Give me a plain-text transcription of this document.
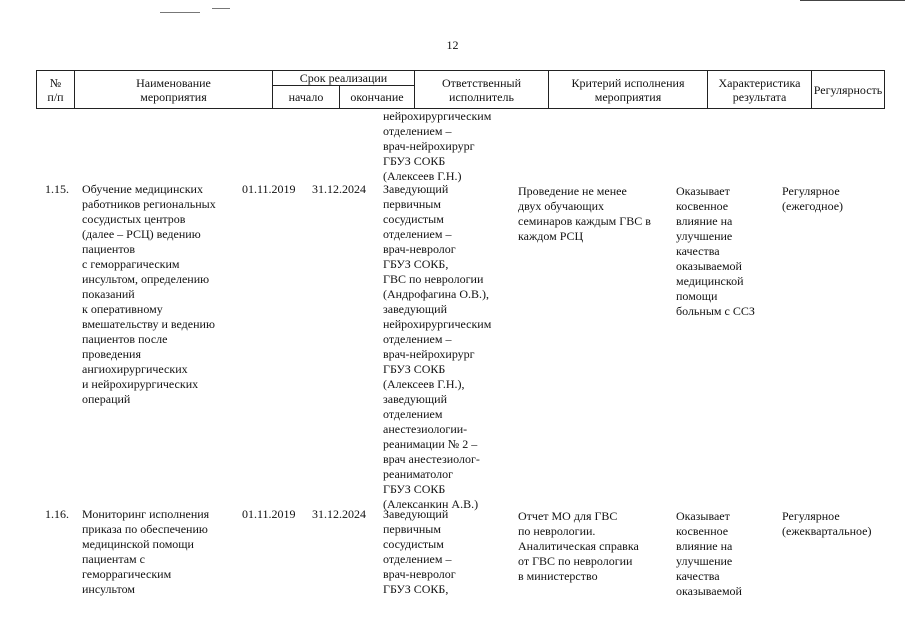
12
№
п/п
Наименование
мероприятия
Срок реализации
начало	окончание
Ответственный
исполнитель
Критерий исполнения
мероприятия
Характеристика
результата	Регулярность
нейрохирургическим
отделением –
врач-нейрохирург
ГБУЗ СОКБ
(Алексеев Г.Н.)
1.15. Обучение медицинских
работников региональных
сосудистых центров
(далее – РСЦ) ведению
пациентов
с геморрагическим
инсультом, определению
показаний
к оперативному
вмешательству и ведению
пациентов после
проведения
ангиохирургических
и нейрохирургических
операций
01.11.2019 31.12.2024 Заведующий
первичным
сосудистым
отделением –
врач-невролог
ГБУЗ СОКБ,
ГВС по неврологии
(Андрофагина О.В.),
заведующий
нейрохирургическим
отделением –
врач-нейрохирург
ГБУЗ СОКБ
(Алексеев Г.Н.),
заведующий
отделением
анестезиологии-
реанимации № 2 –
врач анестезиолог-
реаниматолог
ГБУЗ СОКБ
(Алексанкин А.В.)
Проведение не менее
двух обучающих
семинаров каждым ГВС в
каждом РСЦ
Оказывает
косвенное
влияние на
улучшение
качества
оказываемой
медицинской
помощи
больным с ССЗ
Регулярное
(ежегодное)
1.16. Мониторинг исполнения
приказа по обеспечению
медицинской помощи
пациентам с
геморрагическим
инсультом
01.11.2019 31.12.2024 Заведующий
первичным
сосудистым
отделением –
врач-невролог
ГБУЗ СОКБ,
Отчет МО для ГВС
по неврологии.
Аналитическая справка
от ГВС по неврологии
в министерство
Оказывает
косвенное
влияние на
улучшение
качества
оказываемой
Регулярное
(ежеквартальное)
